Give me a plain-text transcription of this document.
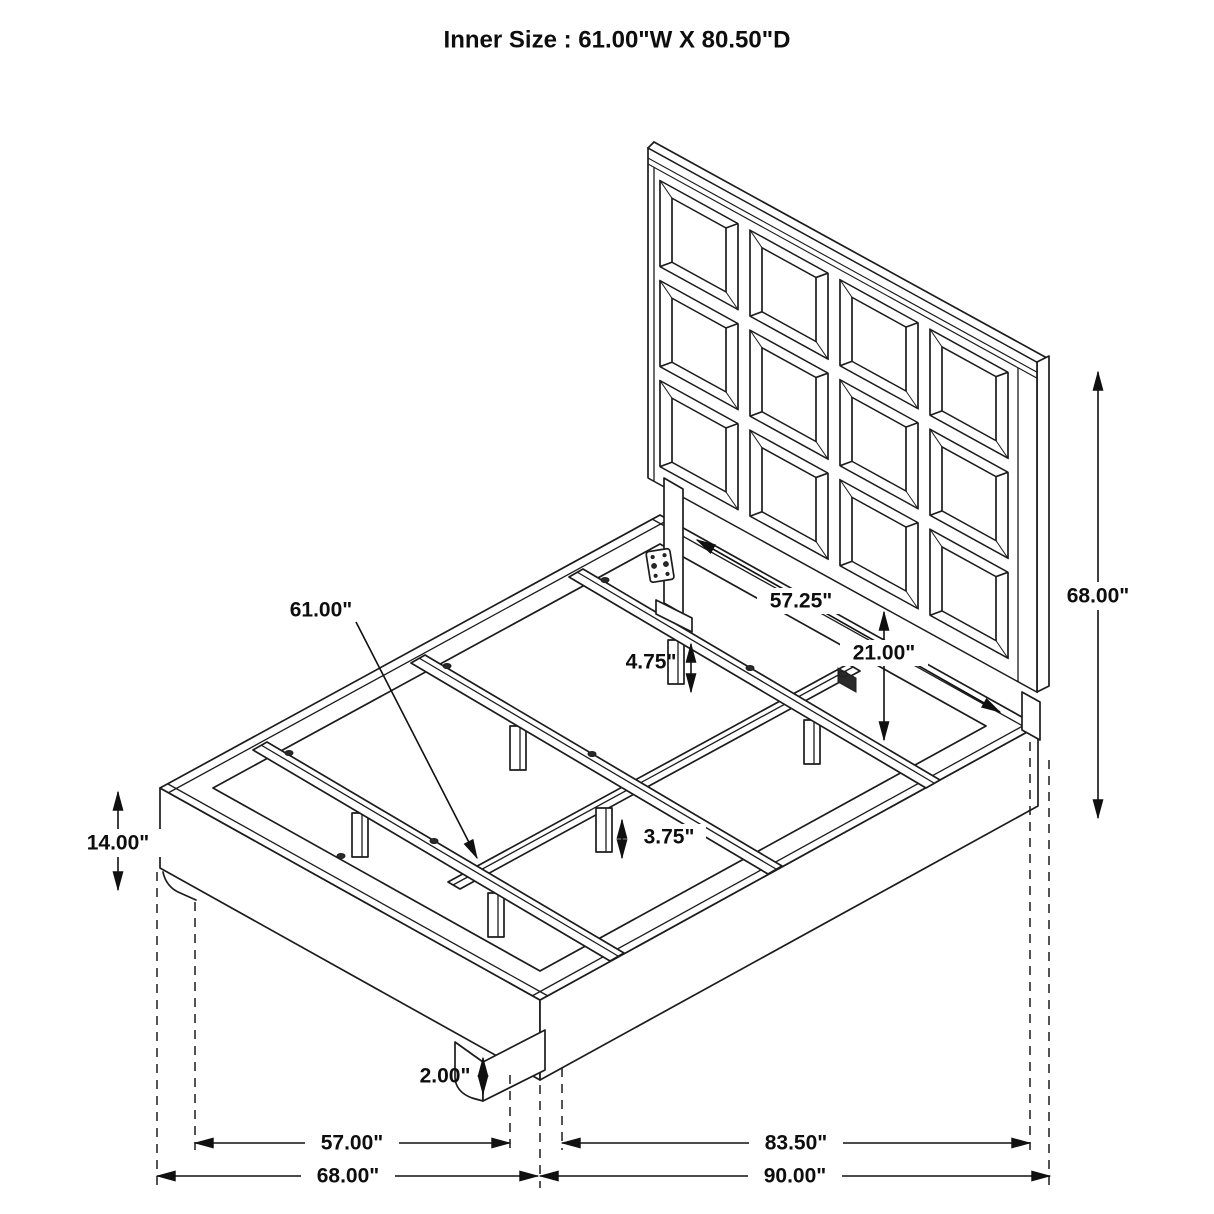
Inner Size : 61.00"W X 80.50"D
61.00"	57.25"
21.00"
4.75"
68.00"
14.00"	3.75"
2.00"
57.00"	83.50"
68.00"	90.00"
